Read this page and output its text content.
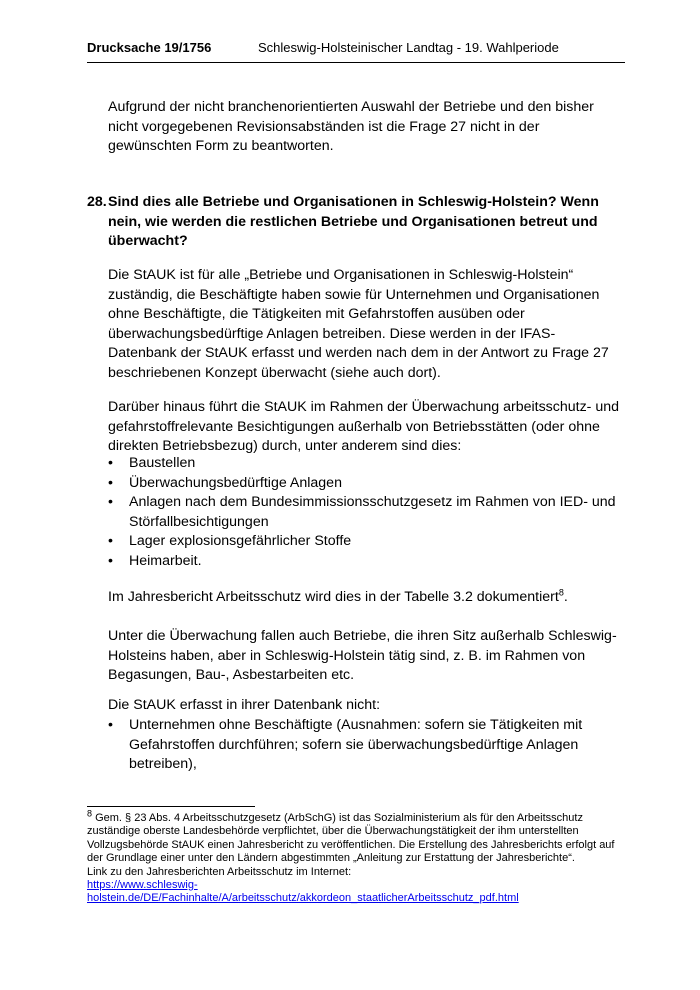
Drucksache 19/1756	Schleswig-Holsteinischer Landtag - 19. Wahlperiode

Aufgrund der nicht branchenorientierten Auswahl der Betriebe und den bisher nicht vorgegebenen Revisionsabständen ist die Frage 27 nicht in der gewünschten Form zu beantworten.

28. Sind dies alle Betriebe und Organisationen in Schleswig-Holstein? Wenn nein, wie werden die restlichen Betriebe und Organisationen betreut und überwacht?

Die StAUK ist für alle „Betriebe und Organisationen in Schleswig-Holstein“ zuständig, die Beschäftigte haben sowie für Unternehmen und Organisationen ohne Beschäftigte, die Tätigkeiten mit Gefahrstoffen ausüben oder überwachungsbedürftige Anlagen betreiben. Diese werden in der IFAS-Datenbank der StAUK erfasst und werden nach dem in der Antwort zu Frage 27 beschriebenen Konzept überwacht (siehe auch dort).

Darüber hinaus führt die StAUK im Rahmen der Überwachung arbeitsschutz- und gefahrstoffrelevante Besichtigungen außerhalb von Betriebsstätten (oder ohne direkten Betriebsbezug) durch, unter anderem sind dies:

• Baustellen
• Überwachungsbedürftige Anlagen
• Anlagen nach dem Bundesimmissionsschutzgesetz im Rahmen von IED- und Störfallbesichtigungen
• Lager explosionsgefährlicher Stoffe
• Heimarbeit.

Im Jahresbericht Arbeitsschutz wird dies in der Tabelle 3.2 dokumentiert$^8$.

Unter die Überwachung fallen auch Betriebe, die ihren Sitz außerhalb Schleswig-Holsteins haben, aber in Schleswig-Holstein tätig sind, z. B. im Rahmen von Begasungen, Bau-, Asbestarbeiten etc.

Die StAUK erfasst in ihrer Datenbank nicht:

• Unternehmen ohne Beschäftigte (Ausnahmen: sofern sie Tätigkeiten mit Gefahrstoffen durchführen; sofern sie überwachungsbedürftige Anlagen betreiben),
$^8$ Gem. § 23 Abs. 4 Arbeitsschutzgesetz (ArbSchG) ist das Sozialministerium als für den Arbeitsschutz zuständige oberste Landesbehörde verpflichtet, über die Überwachungstätigkeit der ihm unterstellten Vollzugsbehörde StAUK einen Jahresbericht zu veröffentlichen. Die Erstellung des Jahresberichts erfolgt auf der Grundlage einer unter den Ländern abgestimmten „Anleitung zur Erstattung der Jahresberichte“.
Link zu den Jahresberichten Arbeitsschutz im Internet:
https://www.schleswig-holstein.de/DE/Fachinhalte/A/arbeitsschutz/akkordeon_staatlicherArbeitsschutz_pdf.html
